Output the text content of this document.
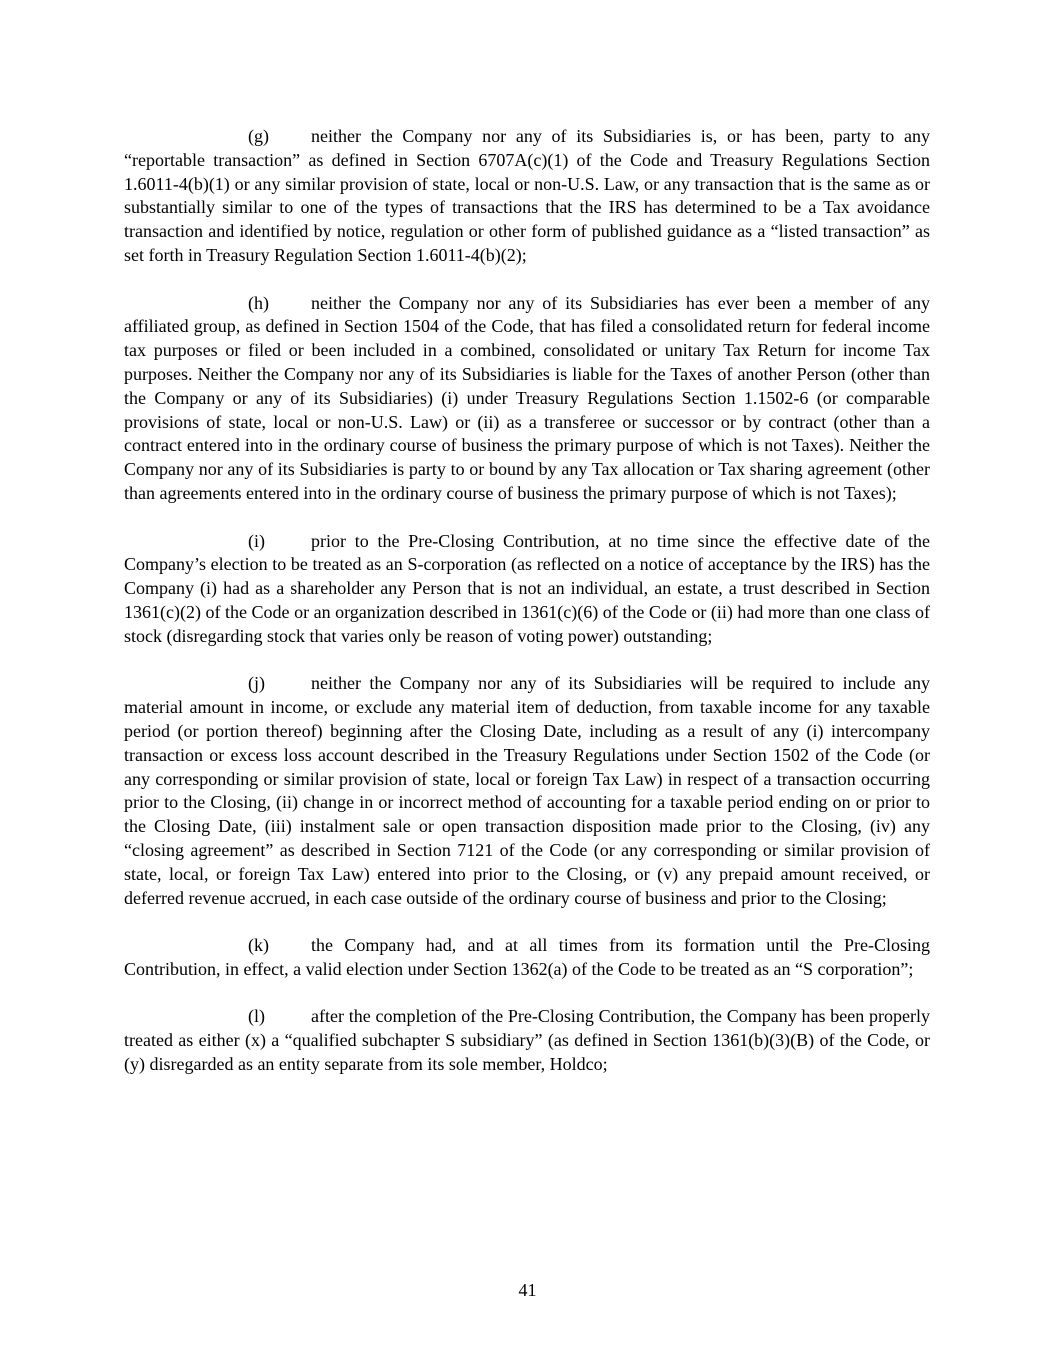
(g) neither the Company nor any of its Subsidiaries is, or has been, party to any “reportable transaction” as defined in Section 6707A(c)(1) of the Code and Treasury Regulations Section 1.6011-4(b)(1) or any similar provision of state, local or non-U.S. Law, or any transaction that is the same as or substantially similar to one of the types of transactions that the IRS has determined to be a Tax avoidance transaction and identified by notice, regulation or other form of published guidance as a “listed transaction” as set forth in Treasury Regulation Section 1.6011-4(b)(2);

(h) neither the Company nor any of its Subsidiaries has ever been a member of any affiliated group, as defined in Section 1504 of the Code, that has filed a consolidated return for federal income tax purposes or filed or been included in a combined, consolidated or unitary Tax Return for income Tax purposes. Neither the Company nor any of its Subsidiaries is liable for the Taxes of another Person (other than the Company or any of its Subsidiaries) (i) under Treasury Regulations Section 1.1502-6 (or comparable provisions of state, local or non-U.S. Law) or (ii) as a transferee or successor or by contract (other than a contract entered into in the ordinary course of business the primary purpose of which is not Taxes). Neither the Company nor any of its Subsidiaries is party to or bound by any Tax allocation or Tax sharing agreement (other than agreements entered into in the ordinary course of business the primary purpose of which is not Taxes);

(i)	prior to the Pre-Closing Contribution, at no time since the effective date of the Company’s election to be treated as an S-corporation (as reflected on a notice of acceptance by the IRS) has the Company (i) had as a shareholder any Person that is not an individual, an estate, a trust described in Section 1361(c)(2) of the Code or an organization described in 1361(c)(6) of the Code or (ii) had more than one class of stock (disregarding stock that varies only be reason of voting power) outstanding;

(j)	neither the Company nor any of its Subsidiaries will be required to include any material amount in income, or exclude any material item of deduction, from taxable income for any taxable period (or portion thereof) beginning after the Closing Date, including as a result of any (i) intercompany transaction or excess loss account described in the Treasury Regulations under Section 1502 of the Code (or any corresponding or similar provision of state, local or foreign Tax Law) in respect of a transaction occurring prior to the Closing, (ii) change in or incorrect method of accounting for a taxable period ending on or prior to the Closing Date, (iii) instalment sale or open transaction disposition made prior to the Closing, (iv) any “closing agreement” as described in Section 7121 of the Code (or any corresponding or similar provision of state, local, or foreign Tax Law) entered into prior to the Closing, or (v) any prepaid amount received, or deferred revenue accrued, in each case outside of the ordinary course of business and prior to the Closing;

(k) the Company had, and at all times from its formation until the Pre-Closing Contribution, in effect, a valid election under Section 1362(a) of the Code to be treated as an “S corporation”;

(l)	after the completion of the Pre-Closing Contribution, the Company has been properly treated as either (x) a “qualified subchapter S subsidiary” (as defined in Section 1361(b)(3)(B) of the Code, or (y) disregarded as an entity separate from its sole member, Holdco;

41
